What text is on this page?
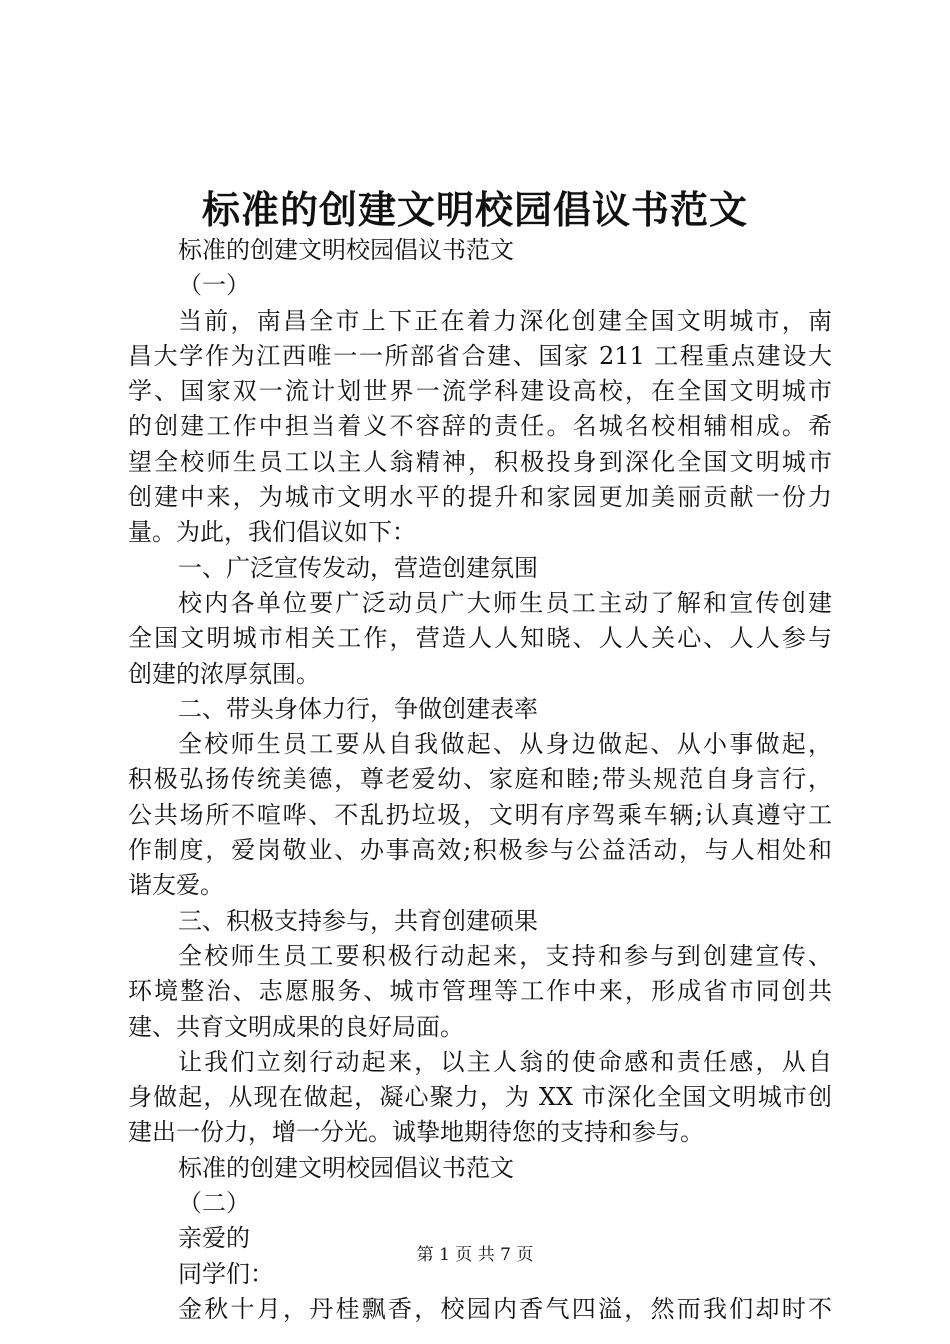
标准的创建文明校园倡议书范文
标准的创建文明校园倡议书范文
（一）
当前，南昌全市上下正在着力深化创建全国文明城市，南
昌大学作为江西唯一一所部省合建、国家 211 工程重点建设大
学、国家双一流计划世界一流学科建设高校，在全国文明城市
的创建工作中担当着义不容辞的责任。名城名校相辅相成。希
望全校师生员工以主人翁精神，积极投身到深化全国文明城市
创建中来，为城市文明水平的提升和家园更加美丽贡献一份力
量。为此，我们倡议如下：
一、广泛宣传发动，营造创建氛围
校内各单位要广泛动员广大师生员工主动了解和宣传创建
全国文明城市相关工作，营造人人知晓、人人关心、人人参与
创建的浓厚氛围。
二、带头身体力行，争做创建表率
全校师生员工要从自我做起、从身边做起、从小事做起，
积极弘扬传统美德，尊老爱幼、家庭和睦;带头规范自身言行，
公共场所不喧哗、不乱扔垃圾，文明有序驾乘车辆;认真遵守工
作制度，爱岗敬业、办事高效;积极参与公益活动，与人相处和
谐友爱。
三、积极支持参与，共育创建硕果
全校师生员工要积极行动起来，支持和参与到创建宣传、
环境整治、志愿服务、城市管理等工作中来，形成省市同创共
建、共育文明成果的良好局面。
让我们立刻行动起来，以主人翁的使命感和责任感，从自
身做起，从现在做起，凝心聚力，为 XX 市深化全国文明城市创
建出一份力，增一分光。诚挚地期待您的支持和参与。
标准的创建文明校园倡议书范文
（二）
亲爱的
同学们：
金秋十月，丹桂飘香，校园内香气四溢，然而我们却时不
第 1 页 共 7 页
